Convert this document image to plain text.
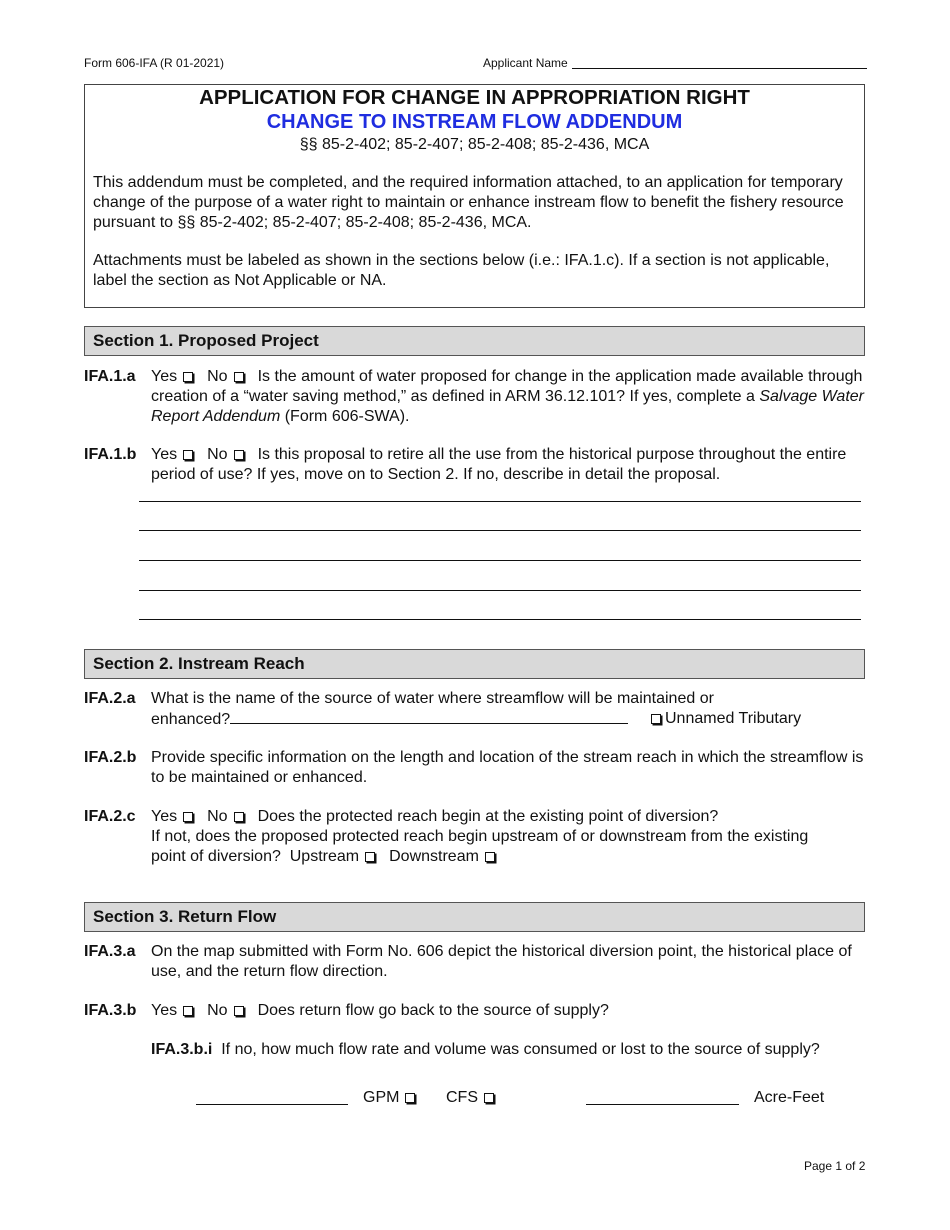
Form 606-IFA (R 01-2021)	Applicant Name
APPLICATION FOR CHANGE IN APPROPRIATION RIGHT
CHANGE TO INSTREAM FLOW ADDENDUM
§§ 85-2-402; 85-2-407; 85-2-408; 85-2-436, MCA
This addendum must be completed, and the required information attached, to an application for temporary change of the purpose of a water right to maintain or enhance instream flow to benefit the fishery resource pursuant to §§ 85-2-402; 85-2-407; 85-2-408; 85-2-436, MCA.
Attachments must be labeled as shown in the sections below (i.e.: IFA.1.c). If a section is not applicable, label the section as Not Applicable or NA.
Section 1. Proposed Project
IFA.1.a Yes No Is the amount of water proposed for change in the application made available through creation of a “water saving method,” as defined in ARM 36.12.101? If yes, complete a Salvage Water Report Addendum (Form 606-SWA).
IFA.1.b Yes No Is this proposal to retire all the use from the historical purpose throughout the entire period of use? If yes, move on to Section 2. If no, describe in detail the proposal.
Section 2. Instream Reach
IFA.2.a What is the name of the source of water where streamflow will be maintained or
enhanced?	Unnamed Tributary
IFA.2.b Provide specific information on the length and location of the stream reach in which the streamflow is to be maintained or enhanced.
IFA.2.c Yes No Does the protected reach begin at the existing point of diversion?
If not, does the proposed protected reach begin upstream of or downstream from the existing
point of diversion? Upstream Downstream
Section 3. Return Flow
IFA.3.a On the map submitted with Form No. 606 depict the historical diversion point, the historical place of use, and the return flow direction.
IFA.3.b Yes No Does return flow go back to the source of supply?
IFA.3.b.i If no, how much flow rate and volume was consumed or lost to the source of supply?
GPM	CFS	Acre-Feet
Page 1 of 2
